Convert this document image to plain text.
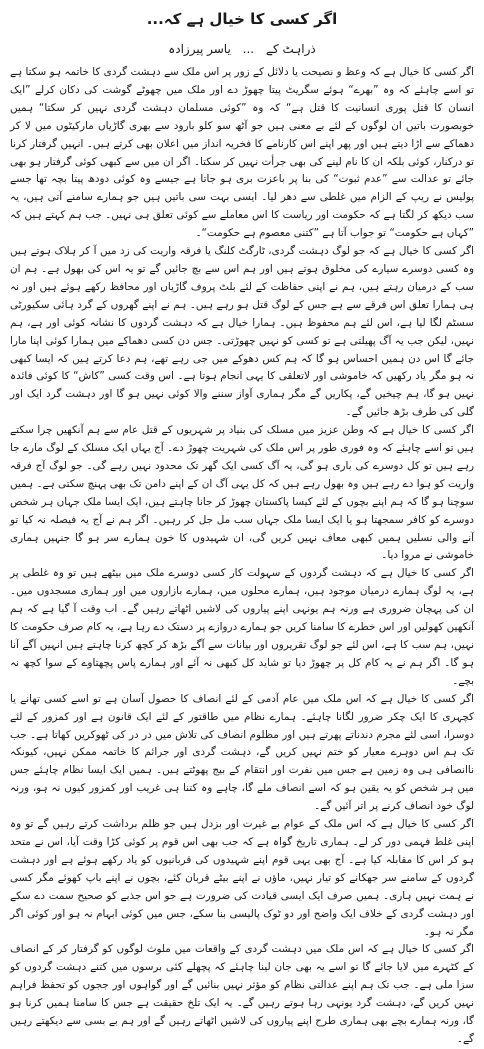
اگر کسی کا خیال ہے کہ...
ذراہٹ کے ... یاسر پیرزادہ

اگر کسی کا خیال ہے کہ وعظ و نصیحت یا دلائل کے زور پر اس ملک سے دہشت گردی کا خاتمہ ہو سکتا ہے تو اسے چاہئے کہ وہ ”بھرے“ ہوئے سگریٹ پیتا چھوڑ دے اور ملک میں چھوٹے گوشت کی دکان کرلے ”ایک انسان کا قتل پوری انسانیت کا قتل ہے“ کہ وہ ”کوئی مسلمان دہشت گردی نہیں کر سکتا“ ہمیں خوبصورت باتیں ان لوگوں کے لئے بے معنی ہیں جو آٹھ سو کلو بارود سے بھری گاڑیاں مارکیٹوں میں لا کر دھماکے سے اڑا دیتے ہیں اور پھر اپنے اس کارنامے کا فخریہ انداز میں اعلان بھی کرتے ہیں۔ انہیں گرفتار کرنا تو درکنار، کوئی بلکہ ان کا نام لینے کی بھی جرأت نہیں کر سکتا۔ اگر ان میں سے کبھی کوئی گرفتار ہو بھی جائے تو عدالت سے ”عدم ثبوت“ کی بنا پر باعزت بری ہو جاتا ہے جیسے وہ کوئی دودھ پیتا بچہ تھا جسے پولیس نے ریپ کے الزام میں غلطی سے دھر لیا۔ ایسی بہت سی باتیں ہیں جو ہمارے سامنے آتی ہیں، یہ سب دیکھ کر لگتا ہے کہ حکومت اور ریاست کا اس معاملے سے کوئی تعلق ہی نہیں۔ جب ہم کہتے ہیں کہ ”کہاں ہے حکومت“ تو جواب آتا ہے ”کتنی معصوم ہے حکومت“۔

اگر کسی کا خیال ہے کہ جو لوگ دہشت گردی، ٹارگٹ کلنگ یا فرقہ واریت کی زد میں آ کر ہلاک ہوتے ہیں وہ کسی دوسرے سیارے کی مخلوق ہوتے ہیں اور ہم اس سے بچ جائیں گے تو یہ اس کی بھول ہے۔ ہم ان سب کے درمیان رہتے ہیں، ہم نے اپنی حفاظت کے لئے بلٹ پروف گاڑیاں اور محافظ رکھے ہوئے ہیں اور نہ ہی ہمارا تعلق اس فرقے سے ہے جس کے لوگ قتل ہو رہے ہیں۔ ہم نے اپنے گھروں کے گرد ہائی سکیورٹی سسٹم لگا لیا ہے، اس لئے ہم محفوظ ہیں۔ ہمارا خیال ہے کہ دہشت گردوں کا نشانہ کوئی اور ہے، ہم نہیں، لیکن جب یہ آگ پھیلتی ہے تو کسی کو نہیں چھوڑتی۔ جس دن کسی دھماکے میں ہمارا کوئی اپنا مارا جائے گا اس دن ہمیں احساس ہو گا کہ ہم کس دھوکے میں جی رہے تھے، ہم دعا کرتے ہیں کہ ایسا کبھی نہ ہو مگر یاد رکھیں کہ خاموشی اور لاتعلقی کا یہی انجام ہوتا ہے۔ اس وقت کسی ”کاش“ کا کوئی فائدہ نہیں ہو گا، ہم چیخیں گے، پکاریں گے مگر ہماری آواز سننے والا کوئی نہیں ہو گا اور دہشت گرد ایک اور گلی کی طرف بڑھ جائیں گے۔

اگر کسی کا خیال ہے کہ وطن عزیز میں مسلک کی بنیاد پر شہریوں کے قتل عام سے ہم آنکھیں چرا سکتے ہیں تو اسے چاہئے کہ وہ فوری طور پر اس ملک کی شہریت چھوڑ دے۔ آج یہاں ایک مسلک کے لوگ مارے جا رہے ہیں تو کل دوسرے کی باری ہو گی، یہ آگ کسی ایک گھر تک محدود نہیں رہے گی۔ جو لوگ آج فرقہ واریت کو ہوا دے رہے ہیں وہ بھول رہے ہیں کہ کل یہی آگ ان کے اپنے دامن تک بھی پہنچ سکتی ہے۔ ہمیں سوچنا ہو گا کہ ہم اپنے بچوں کے لئے کیسا پاکستان چھوڑ کر جانا چاہتے ہیں، ایک ایسا ملک جہاں ہر شخص دوسرے کو کافر سمجھتا ہو یا ایک ایسا ملک جہاں سب مل جل کر رہیں۔ اگر ہم نے آج یہ فیصلہ نہ کیا تو آنے والی نسلیں ہمیں کبھی معاف نہیں کریں گی، ان شہیدوں کا خون ہمارے سر ہو گا جنہیں ہماری خاموشی نے مروا دیا۔

اگر کسی کا خیال ہے کہ دہشت گردوں کے سہولت کار کسی دوسرے ملک میں بیٹھے ہیں تو وہ غلطی پر ہے، یہ لوگ ہمارے درمیان موجود ہیں، ہمارے محلوں میں، ہمارے بازاروں میں اور ہماری مسجدوں میں۔ ان کی پہچان ضروری ہے ورنہ ہم یونہی اپنے پیاروں کی لاشیں اٹھاتے رہیں گے۔ اب وقت آ گیا ہے کہ ہم آنکھیں کھولیں اور اس خطرے کا سامنا کریں جو ہمارے دروازے پر دستک دے رہا ہے، یہ کام صرف حکومت کا نہیں، ہم سب کا ہے، اس لئے جو لوگ تقریروں اور بیانات سے آگے بڑھ کر کچھ کرنا چاہتے ہیں انہیں آگے آنا ہو گا۔ اگر ہم نے یہ کام کل پر چھوڑ دیا تو شاید کل کبھی نہ آئے اور ہمارے پاس پچھتاوے کے سوا کچھ نہ بچے۔

اگر کسی کا خیال ہے کہ اس ملک میں عام آدمی کے لئے انصاف کا حصول آسان ہے تو اسے کسی تھانے یا کچہری کا ایک چکر ضرور لگانا چاہئے۔ ہمارے نظام میں طاقتور کے لئے ایک قانون ہے اور کمزور کے لئے دوسرا، اسی لئے مجرم دندناتے پھرتے ہیں اور مظلوم انصاف کی تلاش میں در در کی ٹھوکریں کھاتا ہے۔ جب تک ہم اس دوہرے معیار کو ختم نہیں کریں گے، دہشت گردی اور جرائم کا خاتمہ ممکن نہیں، کیونکہ ناانصافی ہی وہ زمین ہے جس میں نفرت اور انتقام کے بیج پھوٹتے ہیں۔ ہمیں ایک ایسا نظام چاہئے جس میں ہر شخص کو یہ یقین ہو کہ اسے انصاف ملے گا، چاہے وہ کتنا ہی غریب اور کمزور کیوں نہ ہو، ورنہ لوگ خود انصاف کرنے پر اتر آئیں گے۔

اگر کسی کا خیال ہے کہ اس ملک کے عوام بے غیرت اور بزدل ہیں جو ظلم برداشت کرتے رہیں گے تو وہ اپنی غلط فہمی دور کر لے۔ ہماری تاریخ گواہ ہے کہ جب بھی اس قوم پر کوئی کڑا وقت آیا، اس نے متحد ہو کر اس کا مقابلہ کیا ہے۔ آج بھی یہی قوم اپنے شہیدوں کی قربانیوں کو یاد رکھے ہوئے ہے اور دہشت گردوں کے سامنے سر جھکانے کو تیار نہیں، ماؤں نے اپنے بیٹے قربان کئے، بچوں نے اپنے باپ کھوئے مگر کسی نے ہمت نہیں ہاری۔ ہمیں صرف ایک ایسی قیادت کی ضرورت ہے جو اس جذبے کو صحیح سمت دے سکے اور دہشت گردی کے خلاف ایک واضح اور دو ٹوک پالیسی بنا سکے، جس میں کوئی ابہام نہ ہو اور کوئی اگر مگر نہ ہو۔

اگر کسی کا خیال ہے کہ اس ملک میں دہشت گردی کے واقعات میں ملوث لوگوں کو گرفتار کر کے انصاف کے کٹہرے میں لایا جائے گا تو اسے یہ بھی جان لینا چاہئے کہ پچھلے کئی برسوں میں کتنے دہشت گردوں کو سزا ملی ہے۔ جب تک ہم اپنے عدالتی نظام کو مؤثر نہیں بنائیں گے اور گواہوں اور ججوں کو تحفظ فراہم نہیں کریں گے، دہشت گرد یونہی رہا ہوتے رہیں گے۔ یہ ایک تلخ حقیقت ہے جس کا سامنا ہمیں کرنا ہو گا، ورنہ ہمارے بچے بھی ہماری طرح اپنے پیاروں کی لاشیں اٹھاتے رہیں گے اور ہم بے بسی سے دیکھتے رہیں گے۔
